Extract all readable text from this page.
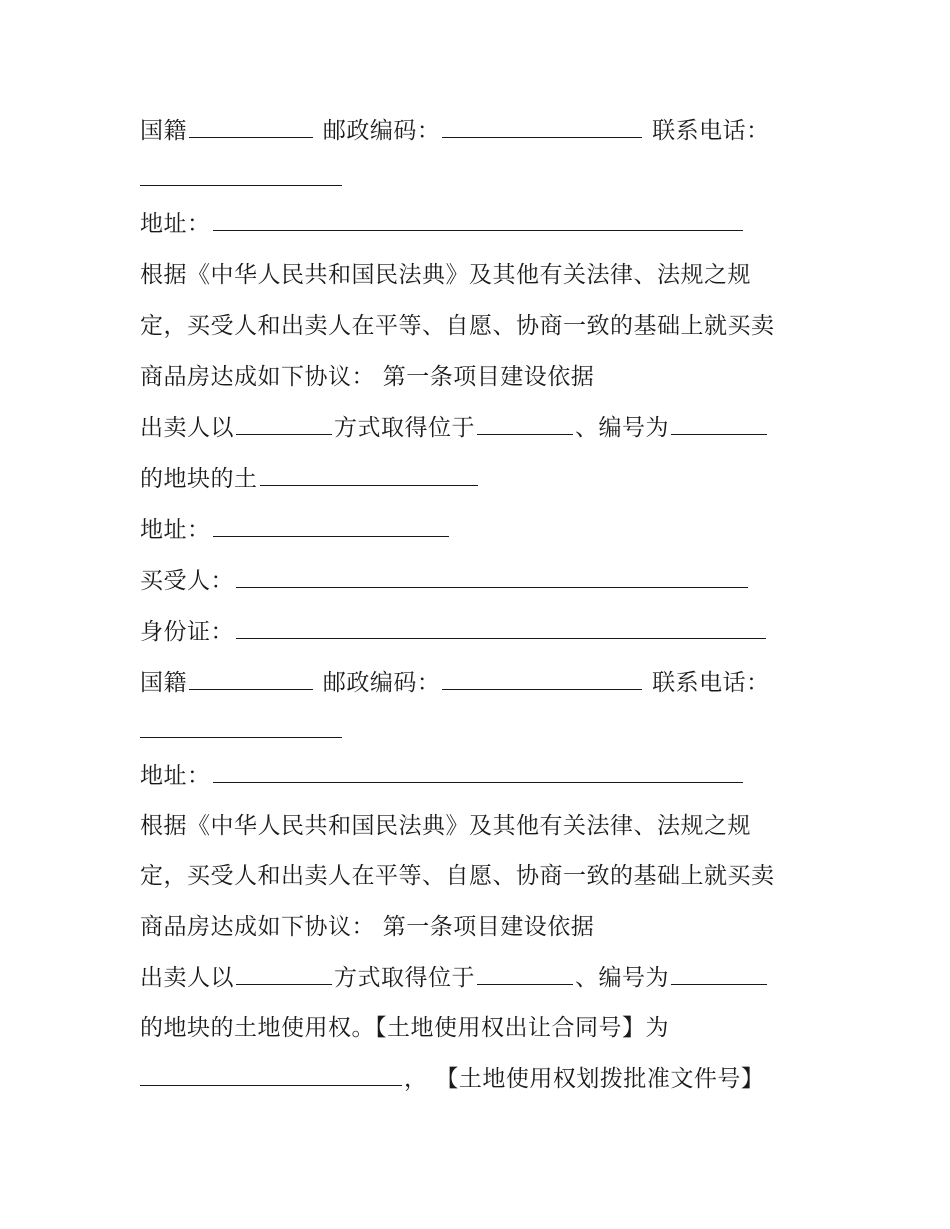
国籍	邮政编码：	联系电话：
地址：
根据《中华人民共和国民法典》及其他有关法律、法规之规
定，买受人和出卖人在平等、自愿、协商一致的基础上就买卖
商品房达成如下协议： 第一条项目建设依据
出卖人以	方式取得位于	、编号为
的地块的土
地址：
买受人：
身份证：
国籍	邮政编码：	联系电话：
地址：
根据《中华人民共和国民法典》及其他有关法律、法规之规
定，买受人和出卖人在平等、自愿、协商一致的基础上就买卖
商品房达成如下协议： 第一条项目建设依据
出卖人以	方式取得位于	、编号为
的地块的土地使用权。【土地使用权出让合同号】为
， 【土地使用权划拨批准文件号】
